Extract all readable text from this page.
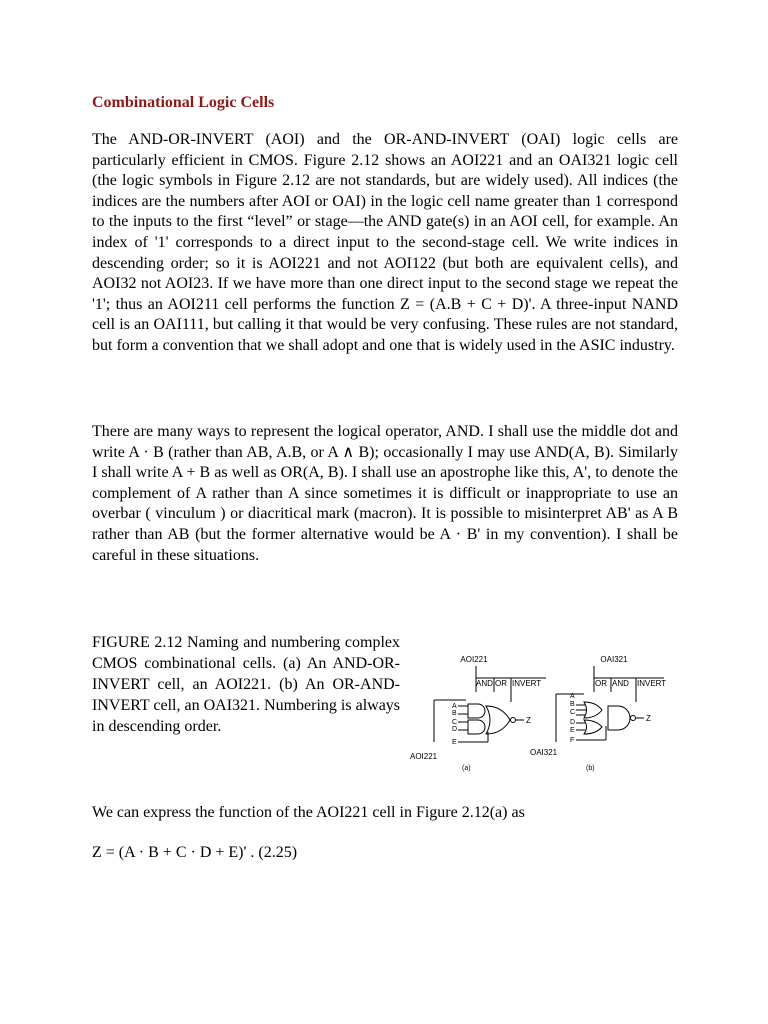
Combinational Logic Cells

The AND-OR-INVERT (AOI) and the OR-AND-INVERT (OAI) logic cells are particularly efficient in CMOS. Figure 2.12 shows an AOI221 and an OAI321 logic cell (the logic symbols in Figure 2.12 are not standards, but are widely used). All indices (the indices are the numbers after AOI or OAI) in the logic cell name greater than 1 correspond to the inputs to the first “level” or stage—the AND gate(s) in an AOI cell, for example. An index of '1' corresponds to a direct input to the second-stage cell. We write indices in descending order; so it is AOI221 and not AOI122 (but both are equivalent cells), and AOI32 not AOI23. If we have more than one direct input to the second stage we repeat the '1'; thus an AOI211 cell performs the function Z = (A.B + C + D)'. A three-input NAND cell is an OAI111, but calling it that would be very confusing. These rules are not standard, but form a convention that we shall adopt and one that is widely used in the ASIC industry.

There are many ways to represent the logical operator, AND. I shall use the middle dot and write A · B (rather than AB, A.B, or A ∧ B); occasionally I may use AND(A, B). Similarly I shall write A + B as well as OR(A, B). I shall use an apostrophe like this, A', to denote the complement of A rather than A since sometimes it is difficult or inappropriate to use an overbar ( vinculum ) or diacritical mark (macron). It is possible to misinterpret AB' as A B rather than AB (but the former alternative would be A · B' in my convention). I shall be careful in these situations.

FIGURE 2.12 Naming and numbering complex CMOS combinational cells. (a) An AND-OR-INVERT cell, an AOI221. (b) An OR-AND-INVERT cell, an OAI321. Numbering is always in descending order.

AOI221
AND OR INVERT
Z
A
B
C
D
E
AOI221
(a)
OAI321
OR AND INVERT
Z
A
B
C
D
E
F
OAI321
(b)

We can express the function of the AOI221 cell in Figure 2.12(a) as

Z = (A · B + C · D + E)' . (2.25)
